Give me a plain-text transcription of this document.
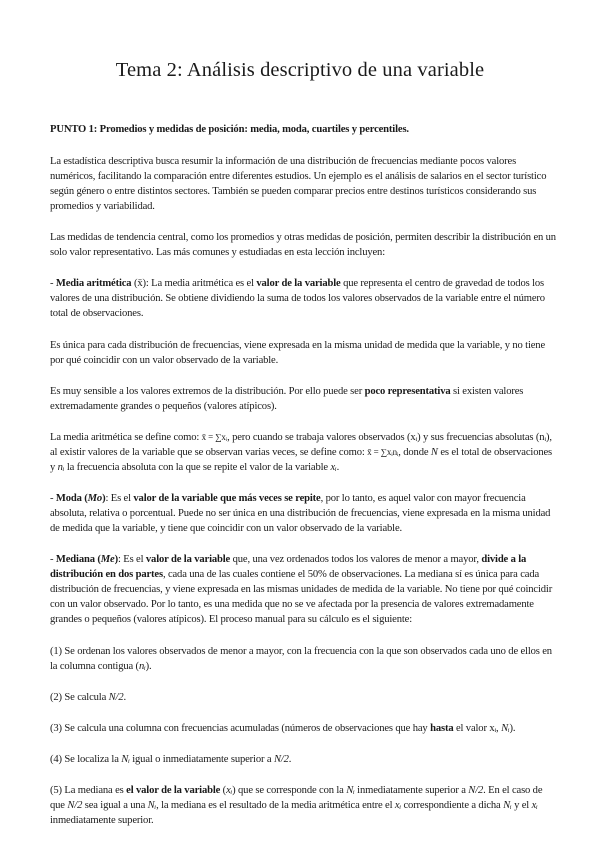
Tema 2: Análisis descriptivo de una variable

PUNTO 1: Promedios y medidas de posición: media, moda, cuartiles y percentiles.

La estadística descriptiva busca resumir la información de una distribución de frecuencias mediante pocos valores numéricos, facilitando la comparación entre diferentes estudios. Un ejemplo es el análisis de salarios en el sector turístico según género o entre distintos sectores. También se pueden comparar precios entre destinos turísticos considerando sus promedios y variabilidad.

Las medidas de tendencia central, como los promedios y otras medidas de posición, permiten describir la distribución en un solo valor representativo. Las más comunes y estudiadas en esta lección incluyen:

- Media aritmética (x̄): La media aritmética es el valor de la variable que representa el centro de gravedad de todos los valores de una distribución. Se obtiene dividiendo la suma de todos los valores observados de la variable entre el número total de observaciones.

Es única para cada distribución de frecuencias, viene expresada en la misma unidad de medida que la variable, y no tiene por qué coincidir con un valor observado de la variable.

Es muy sensible a los valores extremos de la distribución. Por ello puede ser poco representativa si existen valores extremadamente grandes o pequeños (valores atípicos).

La media aritmética se define como: x̄ = ∑xᵢ, pero cuando se trabaja valores observados (xᵢ) y sus frecuencias absolutas (nᵢ), al existir valores de la variable que se observan varias veces, se define como: x̄ = ∑xᵢnᵢ, donde N es el total de observaciones y nᵢ la frecuencia absoluta con la que se repite el valor de la variable xᵢ.

- Moda (Mo): Es el valor de la variable que más veces se repite, por lo tanto, es aquel valor con mayor frecuencia absoluta, relativa o porcentual. Puede no ser única en una distribución de frecuencias, viene expresada en la misma unidad de medida que la variable, y tiene que coincidir con un valor observado de la variable.

- Mediana (Me): Es el valor de la variable que, una vez ordenados todos los valores de menor a mayor, divide a la distribución en dos partes, cada una de las cuales contiene el 50% de observaciones. La mediana sí es única para cada distribución de frecuencias, y viene expresada en las mismas unidades de medida de la variable. No tiene por qué coincidir con un valor observado. Por lo tanto, es una medida que no se ve afectada por la presencia de valores extremadamente grandes o pequeños (valores atípicos). El proceso manual para su cálculo es el siguiente:

(1) Se ordenan los valores observados de menor a mayor, con la frecuencia con la que son observados cada uno de ellos en la columna contigua (nᵢ).

(2) Se calcula N/2.

(3) Se calcula una columna con frecuencias acumuladas (números de observaciones que hay hasta el valor xᵢ, Nᵢ).

(4) Se localiza la Nᵢ igual o inmediatamente superior a N/2.

(5) La mediana es el valor de la variable (xᵢ) que se corresponde con la Nᵢ inmediatamente superior a N/2. En el caso de que N/2 sea igual a una Nᵢ, la mediana es el resultado de la media aritmética entre el xᵢ correspondiente a dicha Nᵢ y el xᵢ inmediatamente superior.
